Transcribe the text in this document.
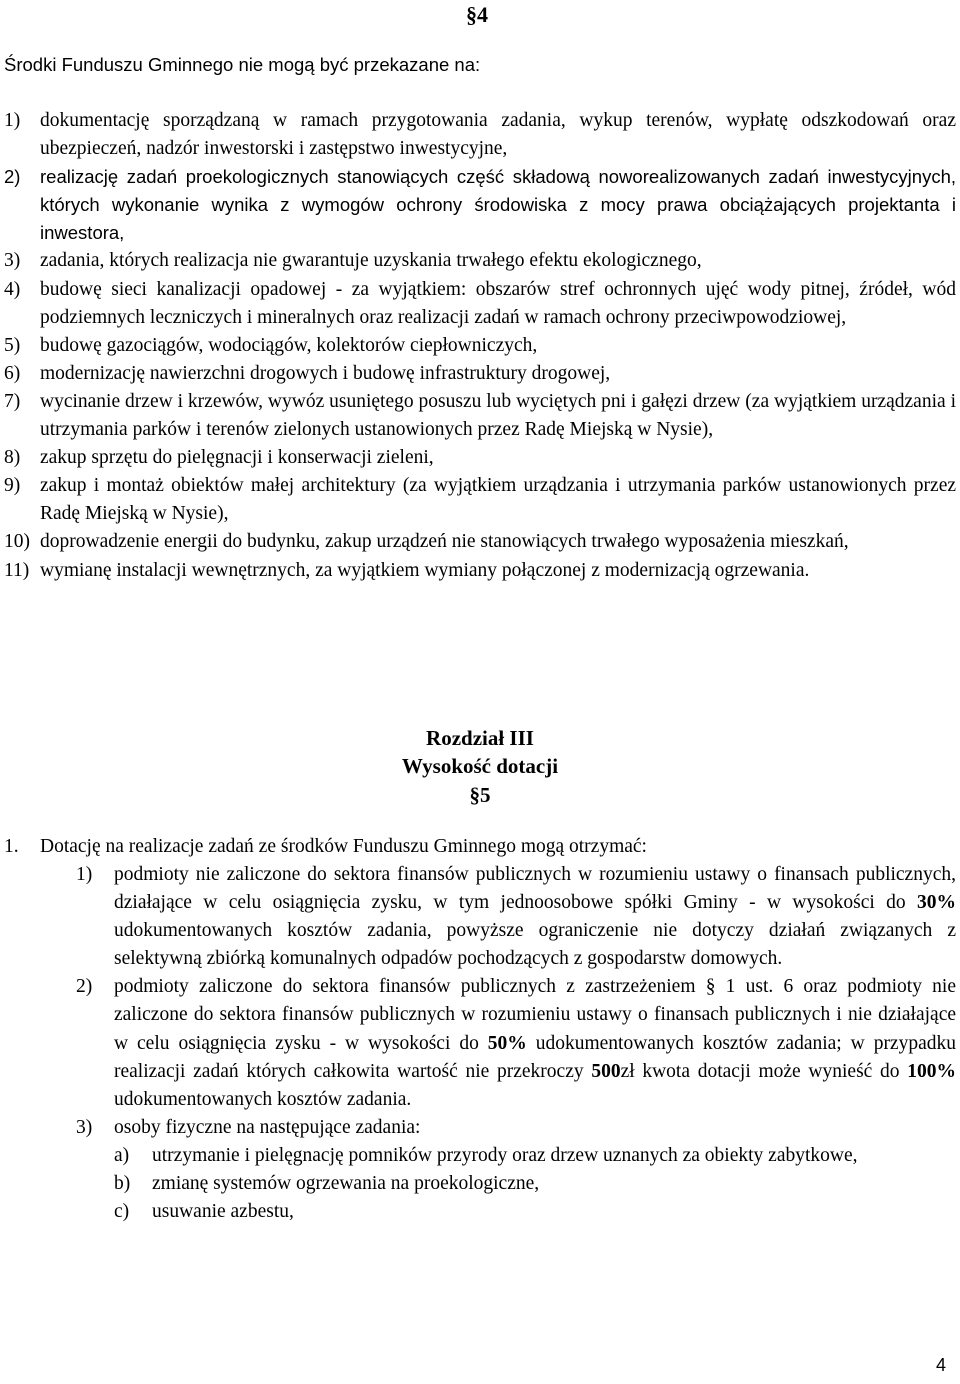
§4
Środki Funduszu Gminnego nie mogą być przekazane na:
1)	dokumentację sporządzaną w ramach przygotowania zadania, wykup terenów, wypłatę odszkodowań oraz ubezpieczeń, nadzór inwestorski i zastępstwo inwestycyjne,
2)	realizację zadań proekologicznych stanowiących część składową noworealizowanych zadań inwestycyjnych, których wykonanie wynika z wymogów ochrony środowiska z mocy prawa obciążających projektanta i inwestora,
3)	zadania, których realizacja nie gwarantuje uzyskania trwałego efektu ekologicznego,
4)	budowę sieci kanalizacji opadowej - za wyjątkiem: obszarów stref ochronnych ujęć wody pitnej, źródeł, wód podziemnych leczniczych i mineralnych oraz realizacji zadań w ramach ochrony przeciwpowodziowej,
5)	budowę gazociągów, wodociągów, kolektorów ciepłowniczych,
6)	modernizację nawierzchni drogowych i budowę infrastruktury drogowej,
7)	wycinanie drzew i krzewów, wywóz usuniętego posuszu lub wyciętych pni i gałęzi drzew (za wyjątkiem urządzania i utrzymania parków i terenów zielonych ustanowionych przez Radę Miejską w Nysie),
8)	zakup sprzętu do pielęgnacji i konserwacji zieleni,
9)	zakup i montaż obiektów małej architektury (za wyjątkiem urządzania i utrzymania parków ustanowionych przez Radę Miejską w Nysie),
10) doprowadzenie energii do budynku, zakup urządzeń nie stanowiących trwałego wyposażenia mieszkań,
11) wymianę instalacji wewnętrznych, za wyjątkiem wymiany połączonej z modernizacją ogrzewania.
Rozdział III
Wysokość dotacji
§5
1.	Dotację na realizacje zadań ze środków Funduszu Gminnego mogą otrzymać:
1)	podmioty nie zaliczone do sektora finansów publicznych w rozumieniu ustawy o finansach publicznych, działające w celu osiągnięcia zysku, w tym jednoosobowe spółki Gminy - w wysokości do 30% udokumentowanych kosztów zadania, powyższe ograniczenie nie dotyczy działań związanych z selektywną zbiórką komunalnych odpadów pochodzących z gospodarstw domowych.
2)	podmioty zaliczone do sektora finansów publicznych z zastrzeżeniem § 1 ust. 6 oraz podmioty nie zaliczone do sektora finansów publicznych w rozumieniu ustawy o finansach publicznych i nie działające w celu osiągnięcia zysku - w wysokości do 50% udokumentowanych kosztów zadania; w przypadku realizacji zadań których całkowita wartość nie przekroczy 500zł kwota dotacji może wynieść do 100% udokumentowanych kosztów zadania.
3)	osoby fizyczne na następujące zadania:
a)	utrzymanie i pielęgnację pomników przyrody oraz drzew uznanych za obiekty zabytkowe,
b)	zmianę systemów ogrzewania na proekologiczne,
c)	usuwanie azbestu,
4
